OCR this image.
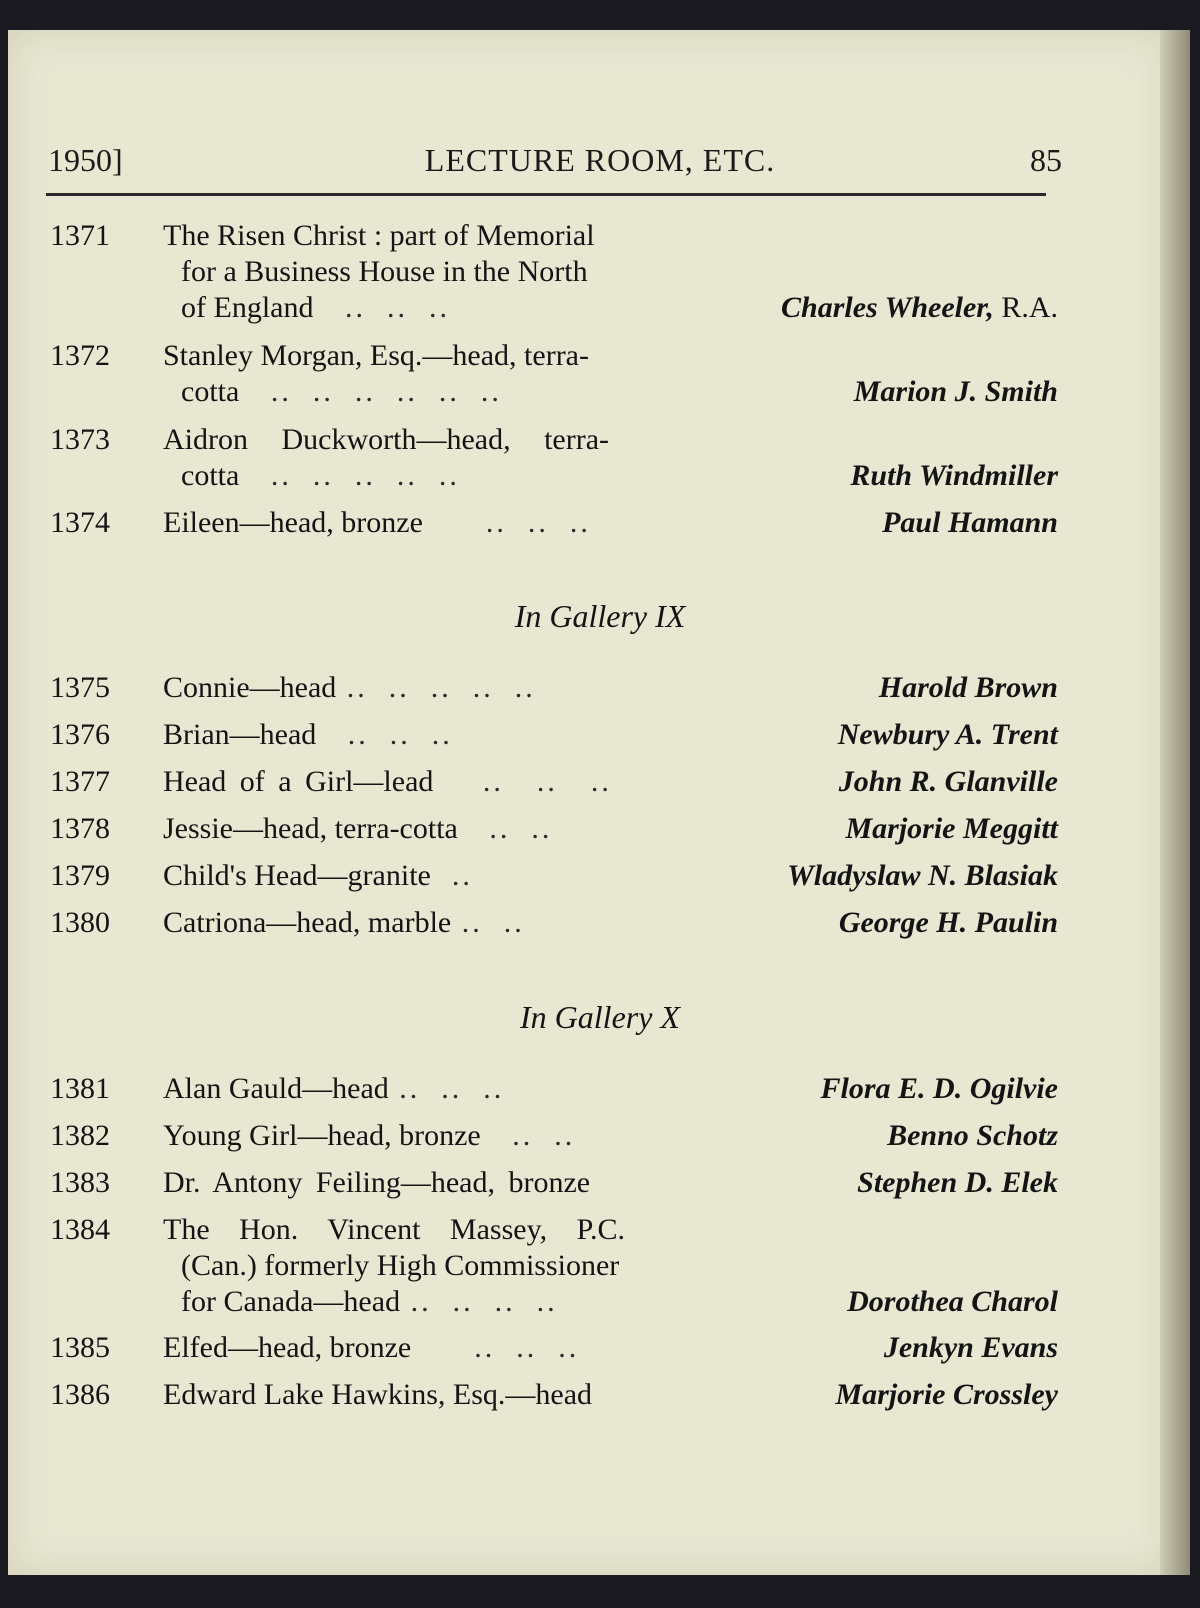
1950]	LECTURE ROOM, ETC.	85
1371 The Risen Christ : part of Memorial
for a Business House in the North
of England   ..  ..  ..	Charles Wheeler, R.A.
1372 Stanley Morgan, Esq.—head, terra-
cotta   ..  ..  ..  ..  ..  ..	Marion J. Smith
1373 Aidron Duckworth—head, terra-
cotta   ..  ..  ..  ..  ..	Ruth Windmiller
1374 Eileen—head, bronze      ..  ..  ..	Paul Hamann
In Gallery IX
1375 Connie—head ..  ..  ..  ..  ..	Harold Brown
1376 Brian—head   ..  ..  ..	Newbury A. Trent
1377 Head of a Girl—lead   ..  ..  ..	John R. Glanville
1378 Jessie—head, terra-cotta   ..  ..	Marjorie Meggitt
1379 Child's Head—granite  ..	Wladyslaw N. Blasiak
1380 Catriona—head, marble ..  ..	George H. Paulin
In Gallery X
1381 Alan Gauld—head ..  ..  ..	Flora E. D. Ogilvie
1382 Young Girl—head, bronze   ..  ..	Benno Schotz
1383 Dr. Antony Feiling—head, bronze	Stephen D. Elek
1384 The Hon. Vincent Massey, P.C.
(Can.) formerly High Commissioner
for Canada—head ..  ..  ..  ..	Dorothea Charol
1385 Elfed—head, bronze      ..  ..  ..	Jenkyn Evans
1386 Edward Lake Hawkins, Esq.—head	Marjorie Crossley
